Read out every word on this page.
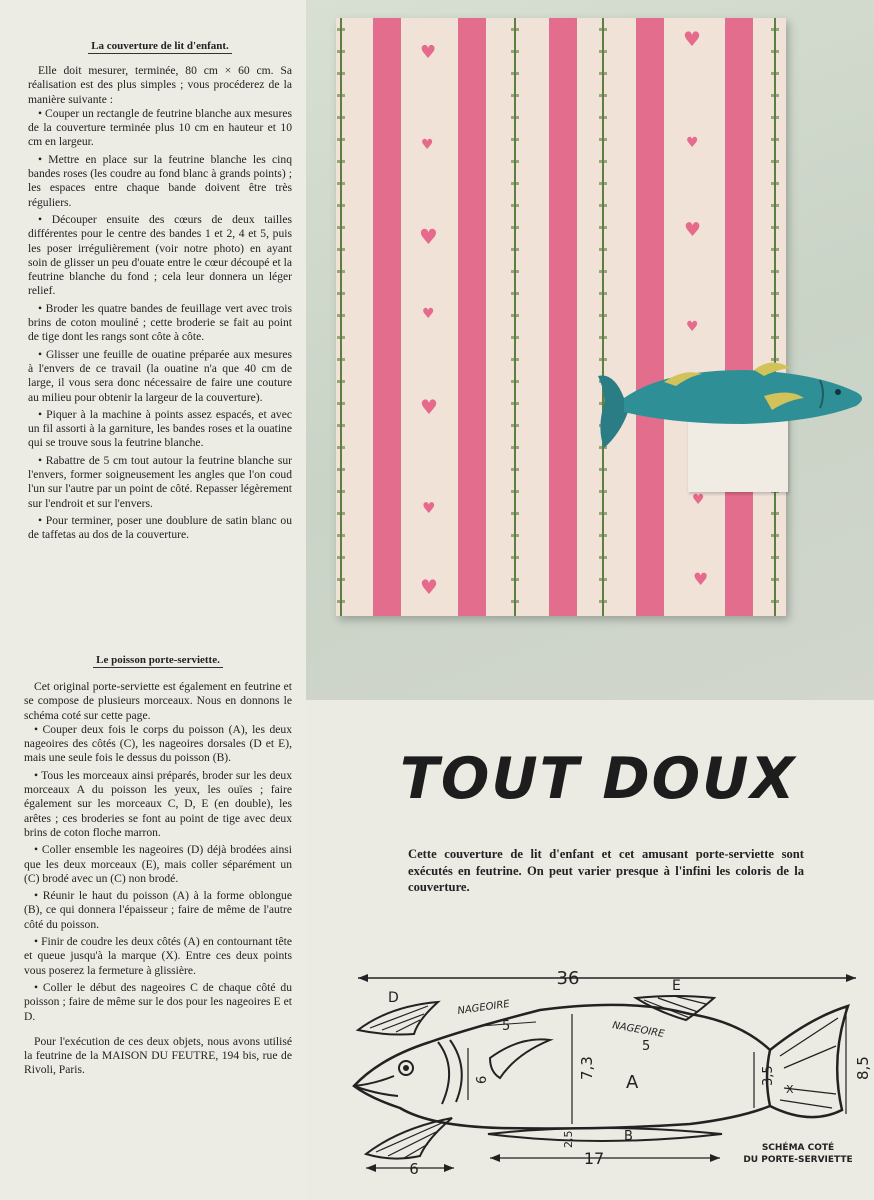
La couverture de lit d'enfant.

Elle doit mesurer, terminée, 80 cm × 60 cm. Sa réalisation est des plus simples ; vous procéderez de la manière suivante :

• Couper un rectangle de feutrine blanche aux mesures de la couverture terminée plus 10 cm en hauteur et 10 cm en largeur.

• Mettre en place sur la feutrine blanche les cinq bandes roses (les coudre au fond blanc à grands points) ; les espaces entre chaque bande doivent être très réguliers.

• Découper ensuite des cœurs de deux tailles différentes pour le centre des bandes 1 et 2, 4 et 5, puis les poser irrégulièrement (voir notre photo) en ayant soin de glisser un peu d'ouate entre le cœur découpé et la feutrine blanche du fond ; cela leur donnera un léger relief.

• Broder les quatre bandes de feuillage vert avec trois brins de coton mouliné ; cette broderie se fait au point de tige dont les rangs sont côte à côte.

• Glisser une feuille de ouatine préparée aux mesures à l'envers de ce travail (la ouatine n'a que 40 cm de large, il vous sera donc nécessaire de faire une couture au milieu pour obtenir la largeur de la couverture).

• Piquer à la machine à points assez espacés, et avec un fil assorti à la garniture, les bandes roses et la ouatine qui se trouve sous la feutrine blanche.

• Rabattre de 5 cm tout autour la feutrine blanche sur l'envers, former soigneusement les angles que l'on coud l'un sur l'autre par un point de côté. Repasser légèrement sur l'endroit et sur l'envers.

• Pour terminer, poser une doublure de satin blanc ou de taffetas au dos de la couverture.

Le poisson porte-serviette.

Cet original porte-serviette est également en feutrine et se compose de plusieurs morceaux. Nous en donnons le schéma coté sur cette page.

• Couper deux fois le corps du poisson (A), les deux nageoires des côtés (C), les nageoires dorsales (D et E), mais une seule fois le dessus du poisson (B).

• Tous les morceaux ainsi préparés, broder sur les deux morceaux A du poisson les yeux, les ouïes ; faire également sur les morceaux C, D, E (en double), les arêtes ; ces broderies se font au point de tige avec deux brins de coton floche marron.

• Coller ensemble les nageoires (D) déjà brodées ainsi que les deux morceaux (E), mais coller séparément un (C) brodé avec un (C) non brodé.

• Réunir le haut du poisson (A) à la forme oblongue (B), ce qui donnera l'épaisseur ; faire de même de l'autre côté du poisson.

• Finir de coudre les deux côtés (A) en contournant tête et queue jusqu'à la marque (X). Entre ces deux points vous poserez la fermeture à glissière.

• Coller le début des nageoires C de chaque côté du poisson ; faire de même sur le dos pour les nageoires E et D.

Pour l'exécution de ces deux objets, nous avons utilisé la feutrine de la MAISON DU FEUTRE, 194 bis, rue de Rivoli, Paris.

♥
♥
♥
♥
♥
♥
♥
♥
♥
♥
♥
♥
♥
TOUT DOUX

Cette couverture de lit d'enfant et cet amusant porte-serviette sont exécutés en feutrine. On peut varier presque à l'infini les coloris de la couverture.

36
X
D
E
NAGEOIRE
5	NAGEOIRE
5
7,3
6	3,5	8,5
A
B
2,5
17
6

SCHÉMA COTÉ
DU PORTE-SERVIETTE
